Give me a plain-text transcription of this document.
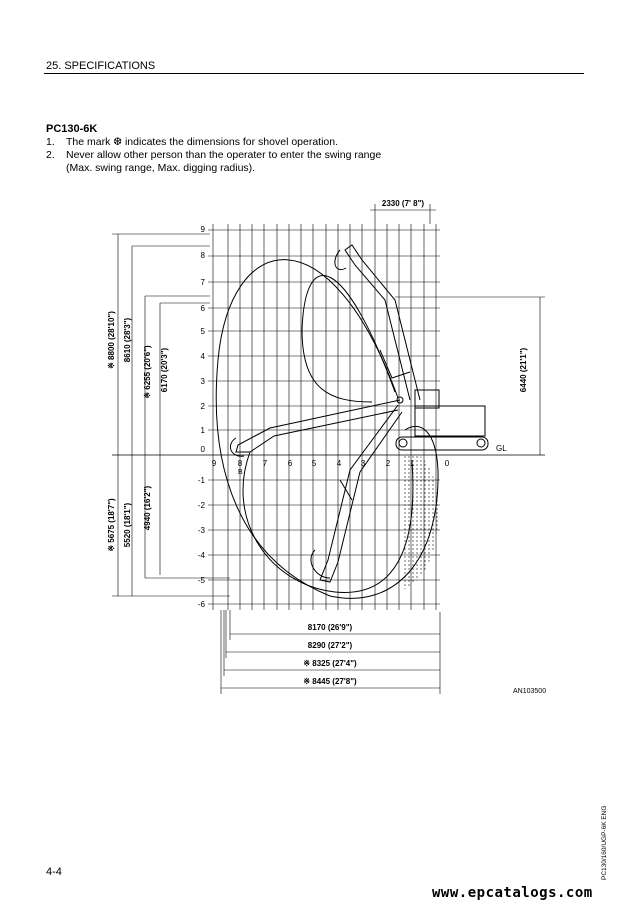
25. SPECIFICATIONS
PC130-6K
1. The mark ❆ indicates the dimensions for shovel operation.
2. Never allow other person than the operater to enter the swing range
(Max. swing range, Max. digging radius).
9
8
7
6
5
4
3
2
1
0
-1
-2
-3
-4
-5
-6
9	8	7	6 5	4 3	2 1	0
※ 8800 (28'10") 8610 (28'3")
※ 6255 (20'6") 6170 (20'3")
※ 5675 (18'7") 5520 (18'1") 4940 (16'2")
6440 (21'1")
2330 (7' 8")
GL
B
8170 (26'9")
8290 (27'2")
※ 8325 (27'4")
※ 8445 (27'8")
AN103500
4-4	PC130/160/UGP-6K ENG
www.epcatalogs.com
